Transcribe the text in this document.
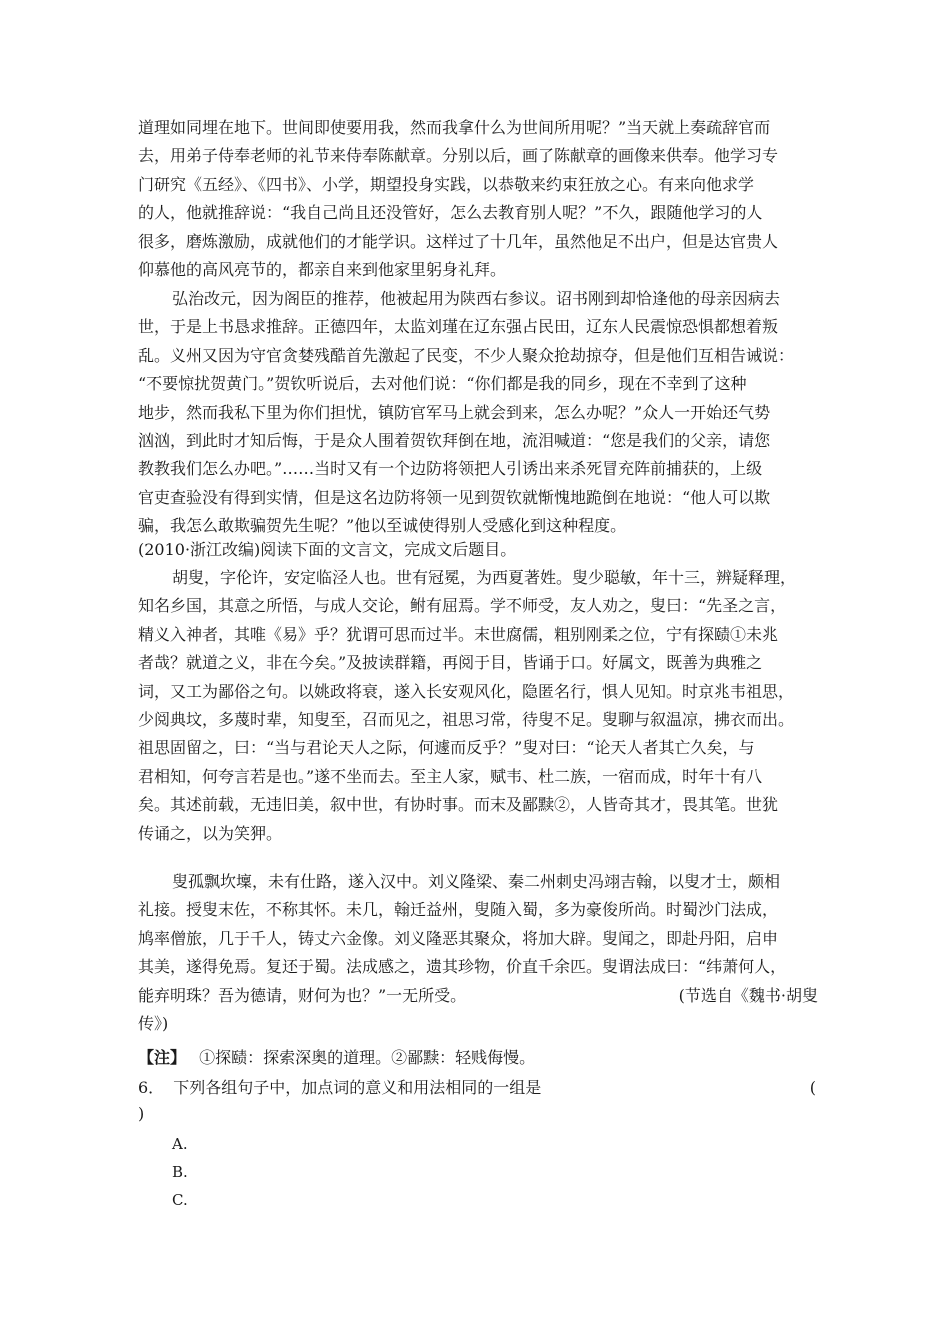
道理如同埋在地下。世间即使要用我，然而我拿什么为世间所用呢？”当天就上奏疏辞官而
去，用弟子侍奉老师的礼节来侍奉陈献章。分别以后，画了陈献章的画像来供奉。他学习专
门研究《五经》、《四书》、小学，期望投身实践，以恭敬来约束狂放之心。有来向他求学
的人，他就推辞说：“我自己尚且还没管好，怎么去教育别人呢？”不久，跟随他学习的人
很多，磨炼激励，成就他们的才能学识。这样过了十几年，虽然他足不出户，但是达官贵人
仰慕他的高风亮节的，都亲自来到他家里躬身礼拜。
弘治改元，因为阁臣的推荐，他被起用为陕西右参议。诏书刚到却恰逢他的母亲因病去
世，于是上书恳求推辞。正德四年，太监刘瑾在辽东强占民田，辽东人民震惊恐惧都想着叛
乱。义州又因为守官贪婪残酷首先激起了民变，不少人聚众抢劫掠夺，但是他们互相告诫说：
“不要惊扰贺黄门。”贺钦听说后，去对他们说：“你们都是我的同乡，现在不幸到了这种
地步，然而我私下里为你们担忧，镇防官军马上就会到来，怎么办呢？”众人一开始还气势
汹汹，到此时才知后悔，于是众人围着贺钦拜倒在地，流泪喊道：“您是我们的父亲，请您
教教我们怎么办吧。”……当时又有一个边防将领把人引诱出来杀死冒充阵前捕获的，上级
官吏查验没有得到实情，但是这名边防将领一见到贺钦就惭愧地跪倒在地说：“他人可以欺
骗，我怎么敢欺骗贺先生呢？”他以至诚使得别人受感化到这种程度。
(2010·浙江改编)阅读下面的文言文，完成文后题目。
胡叟，字伦许，安定临泾人也。世有冠冕，为西夏著姓。叟少聪敏，年十三，辨疑释理，
知名乡国，其意之所悟，与成人交论，鲋有屈焉。学不师受，友人劝之，叟曰：“先圣之言，
精义入神者，其唯《易》乎？犹谓可思而过半。末世腐儒，粗别刚柔之位，宁有探赜①未兆
者哉？就道之义，非在今矣。”及披读群籍，再阅于目，皆诵于口。好属文，既善为典雅之
词，又工为鄙俗之句。以姚政将衰，遂入长安观风化，隐匿名行，惧人见知。时京兆韦祖思，
少阅典坟，多蔑时辈，知叟至，召而见之，祖思习常，待叟不足。叟聊与叙温凉，拂衣而出。
祖思固留之，曰：“当与君论天人之际，何遽而反乎？”叟对曰：“论天人者其亡久矣，与
君相知，何夸言若是也。”遂不坐而去。至主人家，赋韦、杜二族，一宿而成，时年十有八
矣。其述前载，无违旧美，叙中世，有协时事。而末及鄙黩②，人皆奇其才，畏其笔。世犹
传诵之，以为笑狎。
叟孤飘坎壈，未有仕路，遂入汉中。刘义隆梁、秦二州刺史冯翊吉翰，以叟才士，颇相
礼接。授叟末佐，不称其怀。未几，翰迁益州，叟随入蜀，多为豪俊所尚。时蜀沙门法成，
鸠率僧旅，几于千人，铸丈六金像。刘义隆恶其聚众，将加大辟。叟闻之，即赴丹阳，启申
其美，遂得免焉。复还于蜀。法成感之，遗其珍物，价直千余匹。叟谓法成曰：“纬萧何人，
能弃明珠？吾为德请，财何为也？”一无所受。	(节选自《魏书·胡叟
传》)
【注】 ①探赜：探索深奥的道理。②鄙黩：轻贱侮慢。
6． 下列各组句子中，加点词的意义和用法相同的一组是	(
)
A.
B.
C.
